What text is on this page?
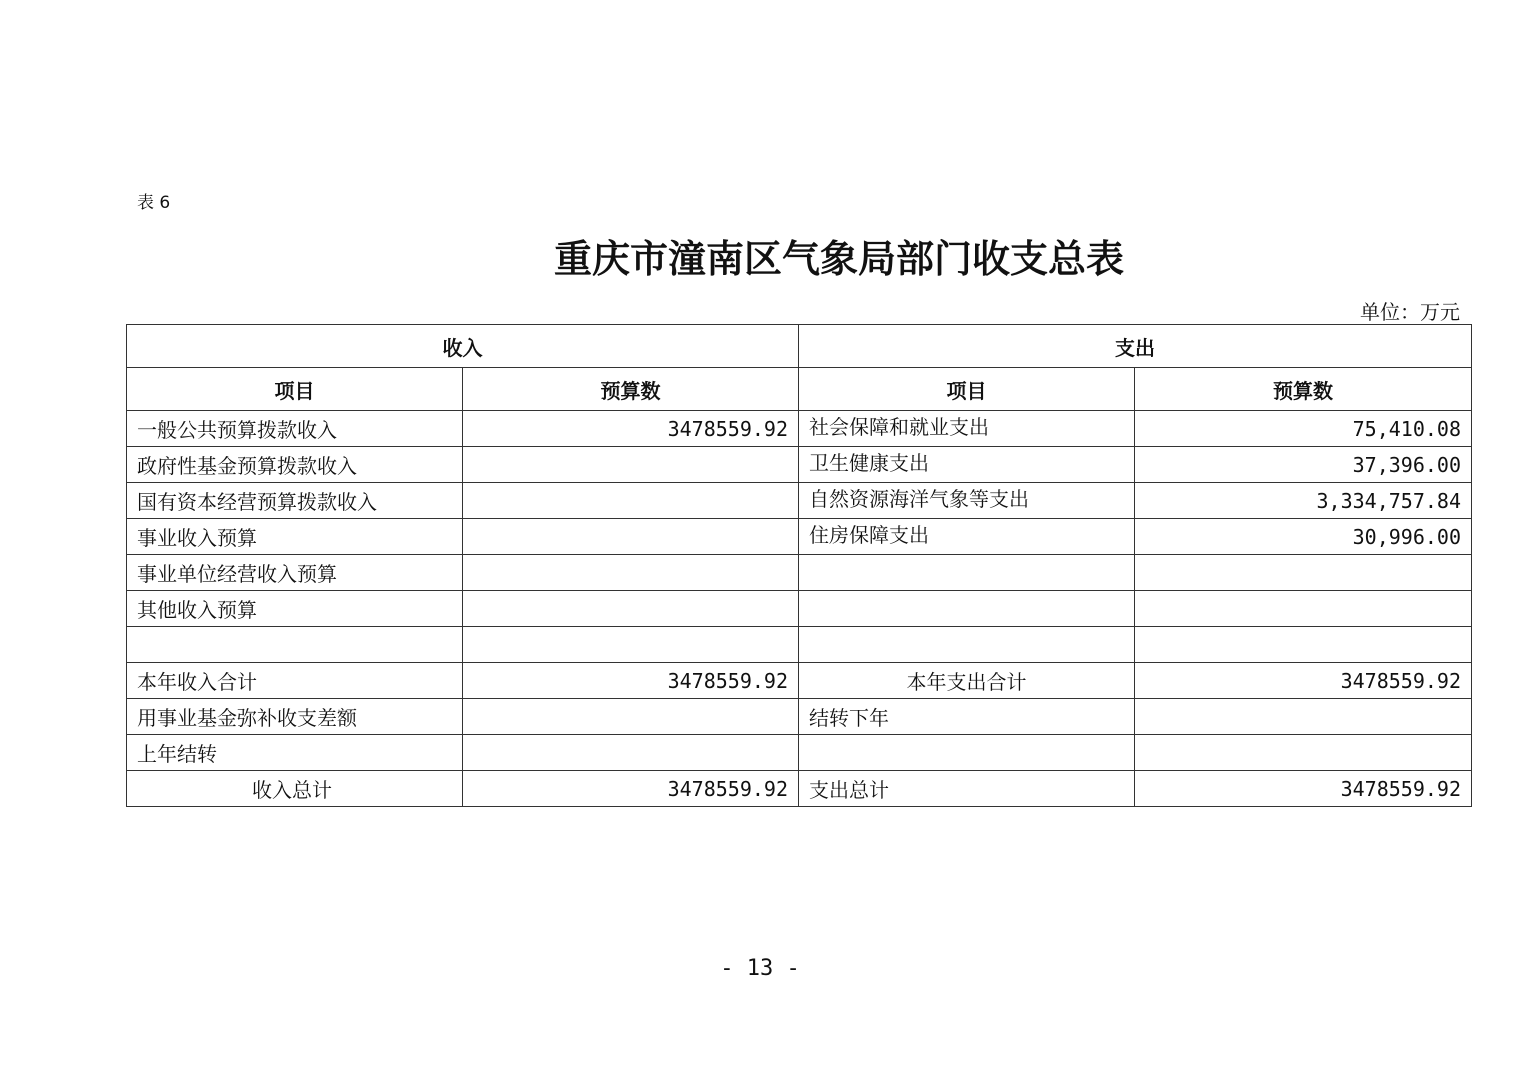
表 6
重庆市潼南区气象局部门收支总表
单位：万元
收入		支出	
项目	预算数	项目	预算数
一般公共预算拨款收入	3478559.92	社会保障和就业支出	75,410.08
政府性基金预算拨款收入		卫生健康支出	37,396.00
国有资本经营预算拨款收入		自然资源海洋气象等支出	3,334,757.84
事业收入预算		住房保障支出	30,996.00
事业单位经营收入预算			
其他收入预算			

本年收入合计	3478559.92	本年支出合计	3478559.92
用事业基金弥补收支差额		结转下年	
上年结转			
收入总计	3478559.92	支出总计	3478559.92
- 13 -
